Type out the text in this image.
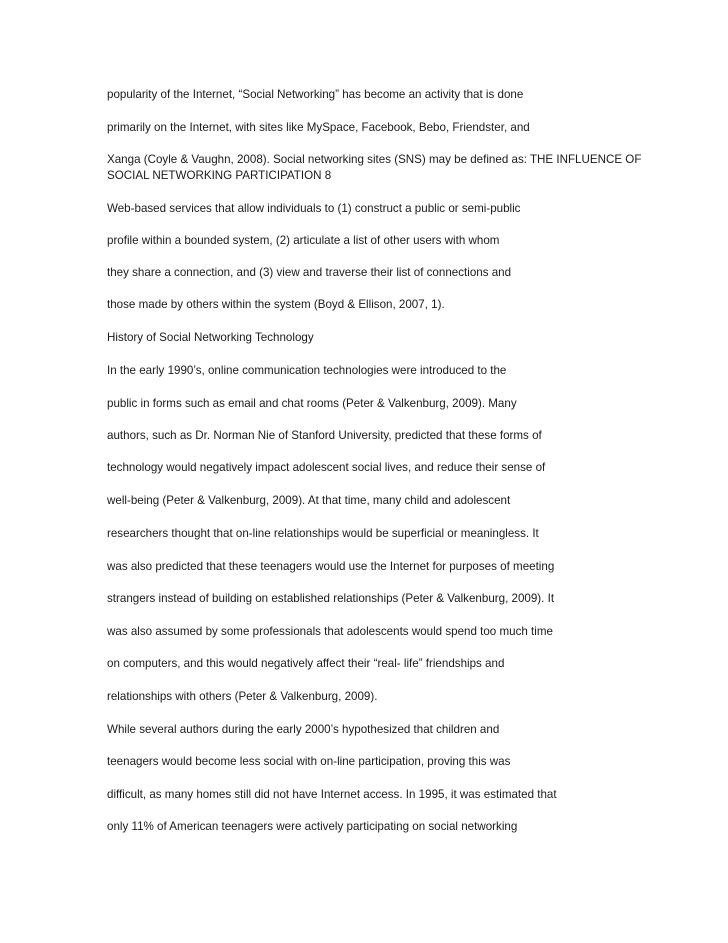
popularity of the Internet, “Social Networking” has become an activity that is done
primarily on the Internet, with sites like MySpace, Facebook, Bebo, Friendster, and
Xanga (Coyle & Vaughn, 2008). Social networking sites (SNS) may be defined as: THE INFLUENCE OF
SOCIAL NETWORKING PARTICIPATION 8
Web-based services that allow individuals to (1) construct a public or semi-public
profile within a bounded system, (2) articulate a list of other users with whom
they share a connection, and (3) view and traverse their list of connections and
those made by others within the system (Boyd & Ellison, 2007, 1).
History of Social Networking Technology
In the early 1990’s, online communication technologies were introduced to the
public in forms such as email and chat rooms (Peter & Valkenburg, 2009). Many
authors, such as Dr. Norman Nie of Stanford University, predicted that these forms of
technology would negatively impact adolescent social lives, and reduce their sense of
well-being (Peter & Valkenburg, 2009). At that time, many child and adolescent
researchers thought that on-line relationships would be superficial or meaningless. It
was also predicted that these teenagers would use the Internet for purposes of meeting
strangers instead of building on established relationships (Peter & Valkenburg, 2009). It
was also assumed by some professionals that adolescents would spend too much time
on computers, and this would negatively affect their “real- life” friendships and
relationships with others (Peter & Valkenburg, 2009).
While several authors during the early 2000’s hypothesized that children and
teenagers would become less social with on-line participation, proving this was
difficult, as many homes still did not have Internet access. In 1995, it was estimated that
only 11% of American teenagers were actively participating on social networking
